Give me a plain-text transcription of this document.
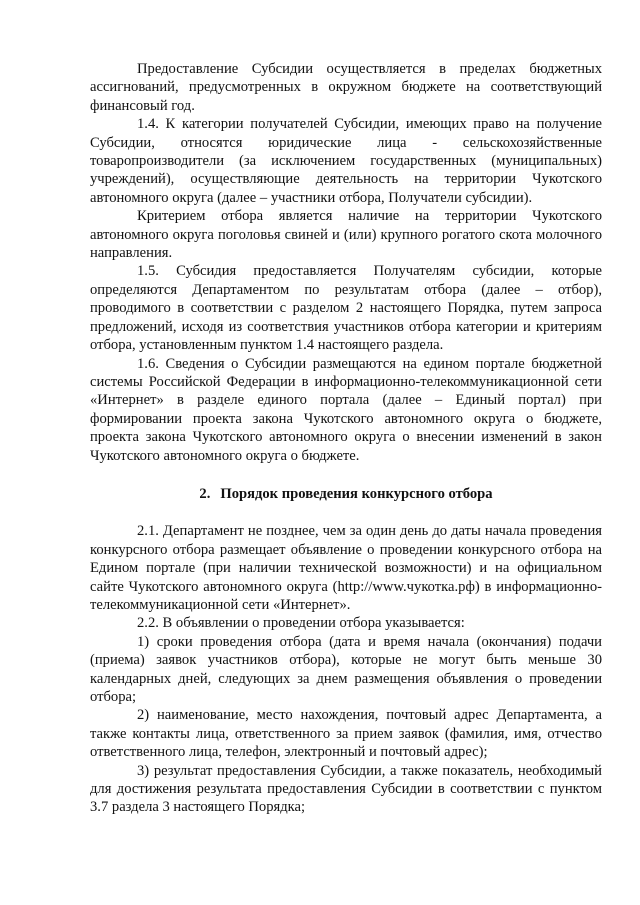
Предоставление Субсидии осуществляется в пределах бюджетных ассигнований, предусмотренных в окружном бюджете на соответствующий финансовый год.

1.4. К категории получателей Субсидии, имеющих право на получение Субсидии, относятся юридические лица - сельскохозяйственные товаропроизводители (за исключением государственных (муниципальных) учреждений), осуществляющие деятельность на территории Чукотского автономного округа (далее – участники отбора, Получатели субсидии).

Критерием отбора является наличие на территории Чукотского автономного округа поголовья свиней и (или) крупного рогатого скота молочного направления.

1.5. Субсидия предоставляется Получателям субсидии, которые определяются Департаментом по результатам отбора (далее – отбор), проводимого в соответствии с разделом 2 настоящего Порядка, путем запроса предложений, исходя из соответствия участников отбора категории и критериям отбора, установленным пунктом 1.4 настоящего раздела.

1.6. Сведения о Субсидии размещаются на едином портале бюджетной системы Российской Федерации в информационно-телекоммуникационной сети «Интернет» в разделе единого портала (далее – Единый портал) при формировании проекта закона Чукотского автономного округа о бюджете, проекта закона Чукотского автономного округа о внесении изменений в закон Чукотского автономного округа о бюджете.

2. Порядок проведения конкурсного отбора

2.1. Департамент не позднее, чем за один день до даты начала проведения конкурсного отбора размещает объявление о проведении конкурсного отбора на Едином портале (при наличии технической возможности) и на официальном сайте Чукотского автономного округа (http://www.чукотка.рф) в информационно-телекоммуникационной сети «Интернет».

2.2. В объявлении о проведении отбора указывается:

1) сроки проведения отбора (дата и время начала (окончания) подачи (приема) заявок участников отбора), которые не могут быть меньше 30 календарных дней, следующих за днем размещения объявления о проведении отбора;

2) наименование, место нахождения, почтовый адрес Департамента, а также контакты лица, ответственного за прием заявок (фамилия, имя, отчество ответственного лица, телефон, электронный и почтовый адрес);

3) результат предоставления Субсидии, а также показатель, необходимый для достижения результата предоставления Субсидии в соответствии с пунктом 3.7 раздела 3 настоящего Порядка;
